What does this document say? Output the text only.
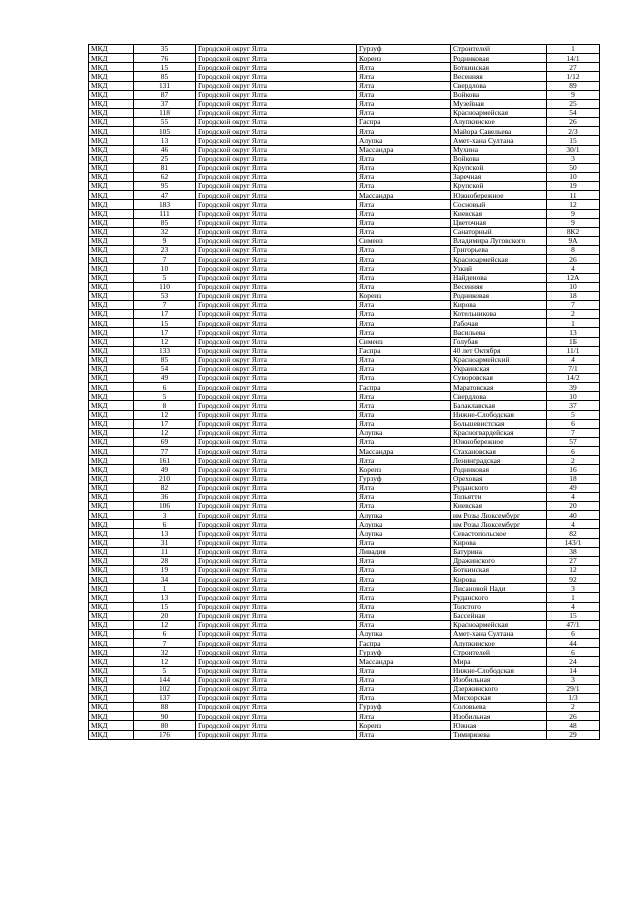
МКД	35	Городской округ Ялта	Гурзуф	Строителей	1
МКД	76	Городской округ Ялта	Кореиз	Родниковая	14/1
МКД	15	Городской округ Ялта	Ялта	Боткинская	27
МКД	85	Городской округ Ялта	Ялта	Весенняя	1/12
МКД	131	Городской округ Ялта	Ялта	Свердлова	89
МКД	87	Городской округ Ялта	Ялта	Войкова	9
МКД	37	Городской округ Ялта	Ялта	Музейная	25
МКД	118	Городской округ Ялта	Ялта	Красноармейская	54
МКД	55	Городской округ Ялта	Гаспра	Алупкинское	26
МКД	105	Городской округ Ялта	Ялта	Майора Савельева	2/3
МКД	13	Городской округ Ялта	Алупка	Амет-хана Султана	15
МКД	46	Городской округ Ялта	Массандра	Мухина	30/1
МКД	25	Городской округ Ялта	Ялта	Войкова	3
МКД	81	Городской округ Ялта	Ялта	Крупской	50
МКД	62	Городской округ Ялта	Ялта	Заречная	10
МКД	95	Городской округ Ялта	Ялта	Крупской	19
МКД	47	Городской округ Ялта	Массандра	Южнобережное	11
МКД	183	Городской округ Ялта	Ялта	Сосновый	12
МКД	111	Городской округ Ялта	Ялта	Киевская	9
МКД	85	Городской округ Ялта	Ялта	Цветочная	9
МКД	32	Городской округ Ялта	Ялта	Санаторный	8К2
МКД	9	Городской округ Ялта	Симеиз	Владимира Луговского	9А
МКД	23	Городской округ Ялта	Ялта	Григорьева	8
МКД	7	Городской округ Ялта	Ялта	Красноармейская	26
МКД	10	Городской округ Ялта	Ялта	Узкий	4
МКД	5	Городской округ Ялта	Ялта	Найденова	12А
МКД	110	Городской округ Ялта	Ялта	Весенняя	10
МКД	53	Городской округ Ялта	Кореиз	Родниковая	18
МКД	7	Городской округ Ялта	Ялта	Кирова	7
МКД	17	Городской округ Ялта	Ялта	Котельникова	2
МКД	15	Городской округ Ялта	Ялта	Рабочая	1
МКД	17	Городской округ Ялта	Ялта	Васильева	13
МКД	12	Городской округ Ялта	Симеиз	Голубая	1Б
МКД	133	Городской округ Ялта	Гаспра	40 лет Октября	11/1
МКД	85	Городской округ Ялта	Ялта	Красноармейский	4
МКД	54	Городской округ Ялта	Ялта	Украинская	7/1
МКД	49	Городской округ Ялта	Ялта	Суворовская	14/2
МКД	6	Городской округ Ялта	Гаспра	Маратовская	39
МКД	5	Городской округ Ялта	Ялта	Свердлова	10
МКД	8	Городской округ Ялта	Ялта	Балаклавская	37
МКД	12	Городской округ Ялта	Ялта	Нижне-Слободская	5
МКД	17	Городской округ Ялта	Ялта	Большевистская	6
МКД	12	Городской округ Ялта	Алупка	Красногвардейская	7
МКД	69	Городской округ Ялта	Ялта	Южнобережное	57
МКД	77	Городской округ Ялта	Массандра	Стахановская	6
МКД	161	Городской округ Ялта	Ялта	Ленинградская	2
МКД	49	Городской округ Ялта	Кореиз	Родниковая	16
МКД	210	Городской округ Ялта	Гурзуф	Ореховая	18
МКД	82	Городской округ Ялта	Ялта	Руданского	49
МКД	36	Городской округ Ялта	Ялта	Тольятти	4
МКД	106	Городской округ Ялта	Ялта	Киевская	20
МКД	3	Городской округ Ялта	Алупка	им Розы Люксембург	40
МКД	6	Городской округ Ялта	Алупка	им Розы Люксембург	4
МКД	13	Городской округ Ялта	Алупка	Севастопольское	82
МКД	31	Городской округ Ялта	Ялта	Кирова	143/1
МКД	11	Городской округ Ялта	Ливадия	Батурина	38
МКД	28	Городской округ Ялта	Ялта	Дражинского	27
МКД	19	Городской округ Ялта	Ялта	Боткинская	12
МКД	34	Городской округ Ялта	Ялта	Кирова	92
МКД	1	Городской округ Ялта	Ялта	Лисановой Нади	3
МКД	13	Городской округ Ялта	Ялта	Руданского	1
МКД	15	Городской округ Ялта	Ялта	Толстого	4
МКД	20	Городской округ Ялта	Ялта	Бассейная	15
МКД	12	Городской округ Ялта	Ялта	Красноармейская	47/1
МКД	6	Городской округ Ялта	Алупка	Амет-хана Султана	6
МКД	7	Городской округ Ялта	Гаспра	Алупкинское	44
МКД	32	Городской округ Ялта	Гурзуф	Строителей	6
МКД	12	Городской округ Ялта	Массандра	Мира	24
МКД	5	Городской округ Ялта	Ялта	Нижне-Слободская	14
МКД	144	Городской округ Ялта	Ялта	Изобильная	3
МКД	102	Городской округ Ялта	Ялта	Дзержинского	29/1
МКД	137	Городской округ Ялта	Ялта	Мисхорская	1/3
МКД	88	Городской округ Ялта	Гурзуф	Соловьева	2
МКД	90	Городской округ Ялта	Ялта	Изобильная	26
МКД	80	Городской округ Ялта	Кореиз	Южная	48
МКД	176	Городской округ Ялта	Ялта	Тимирязева	29
